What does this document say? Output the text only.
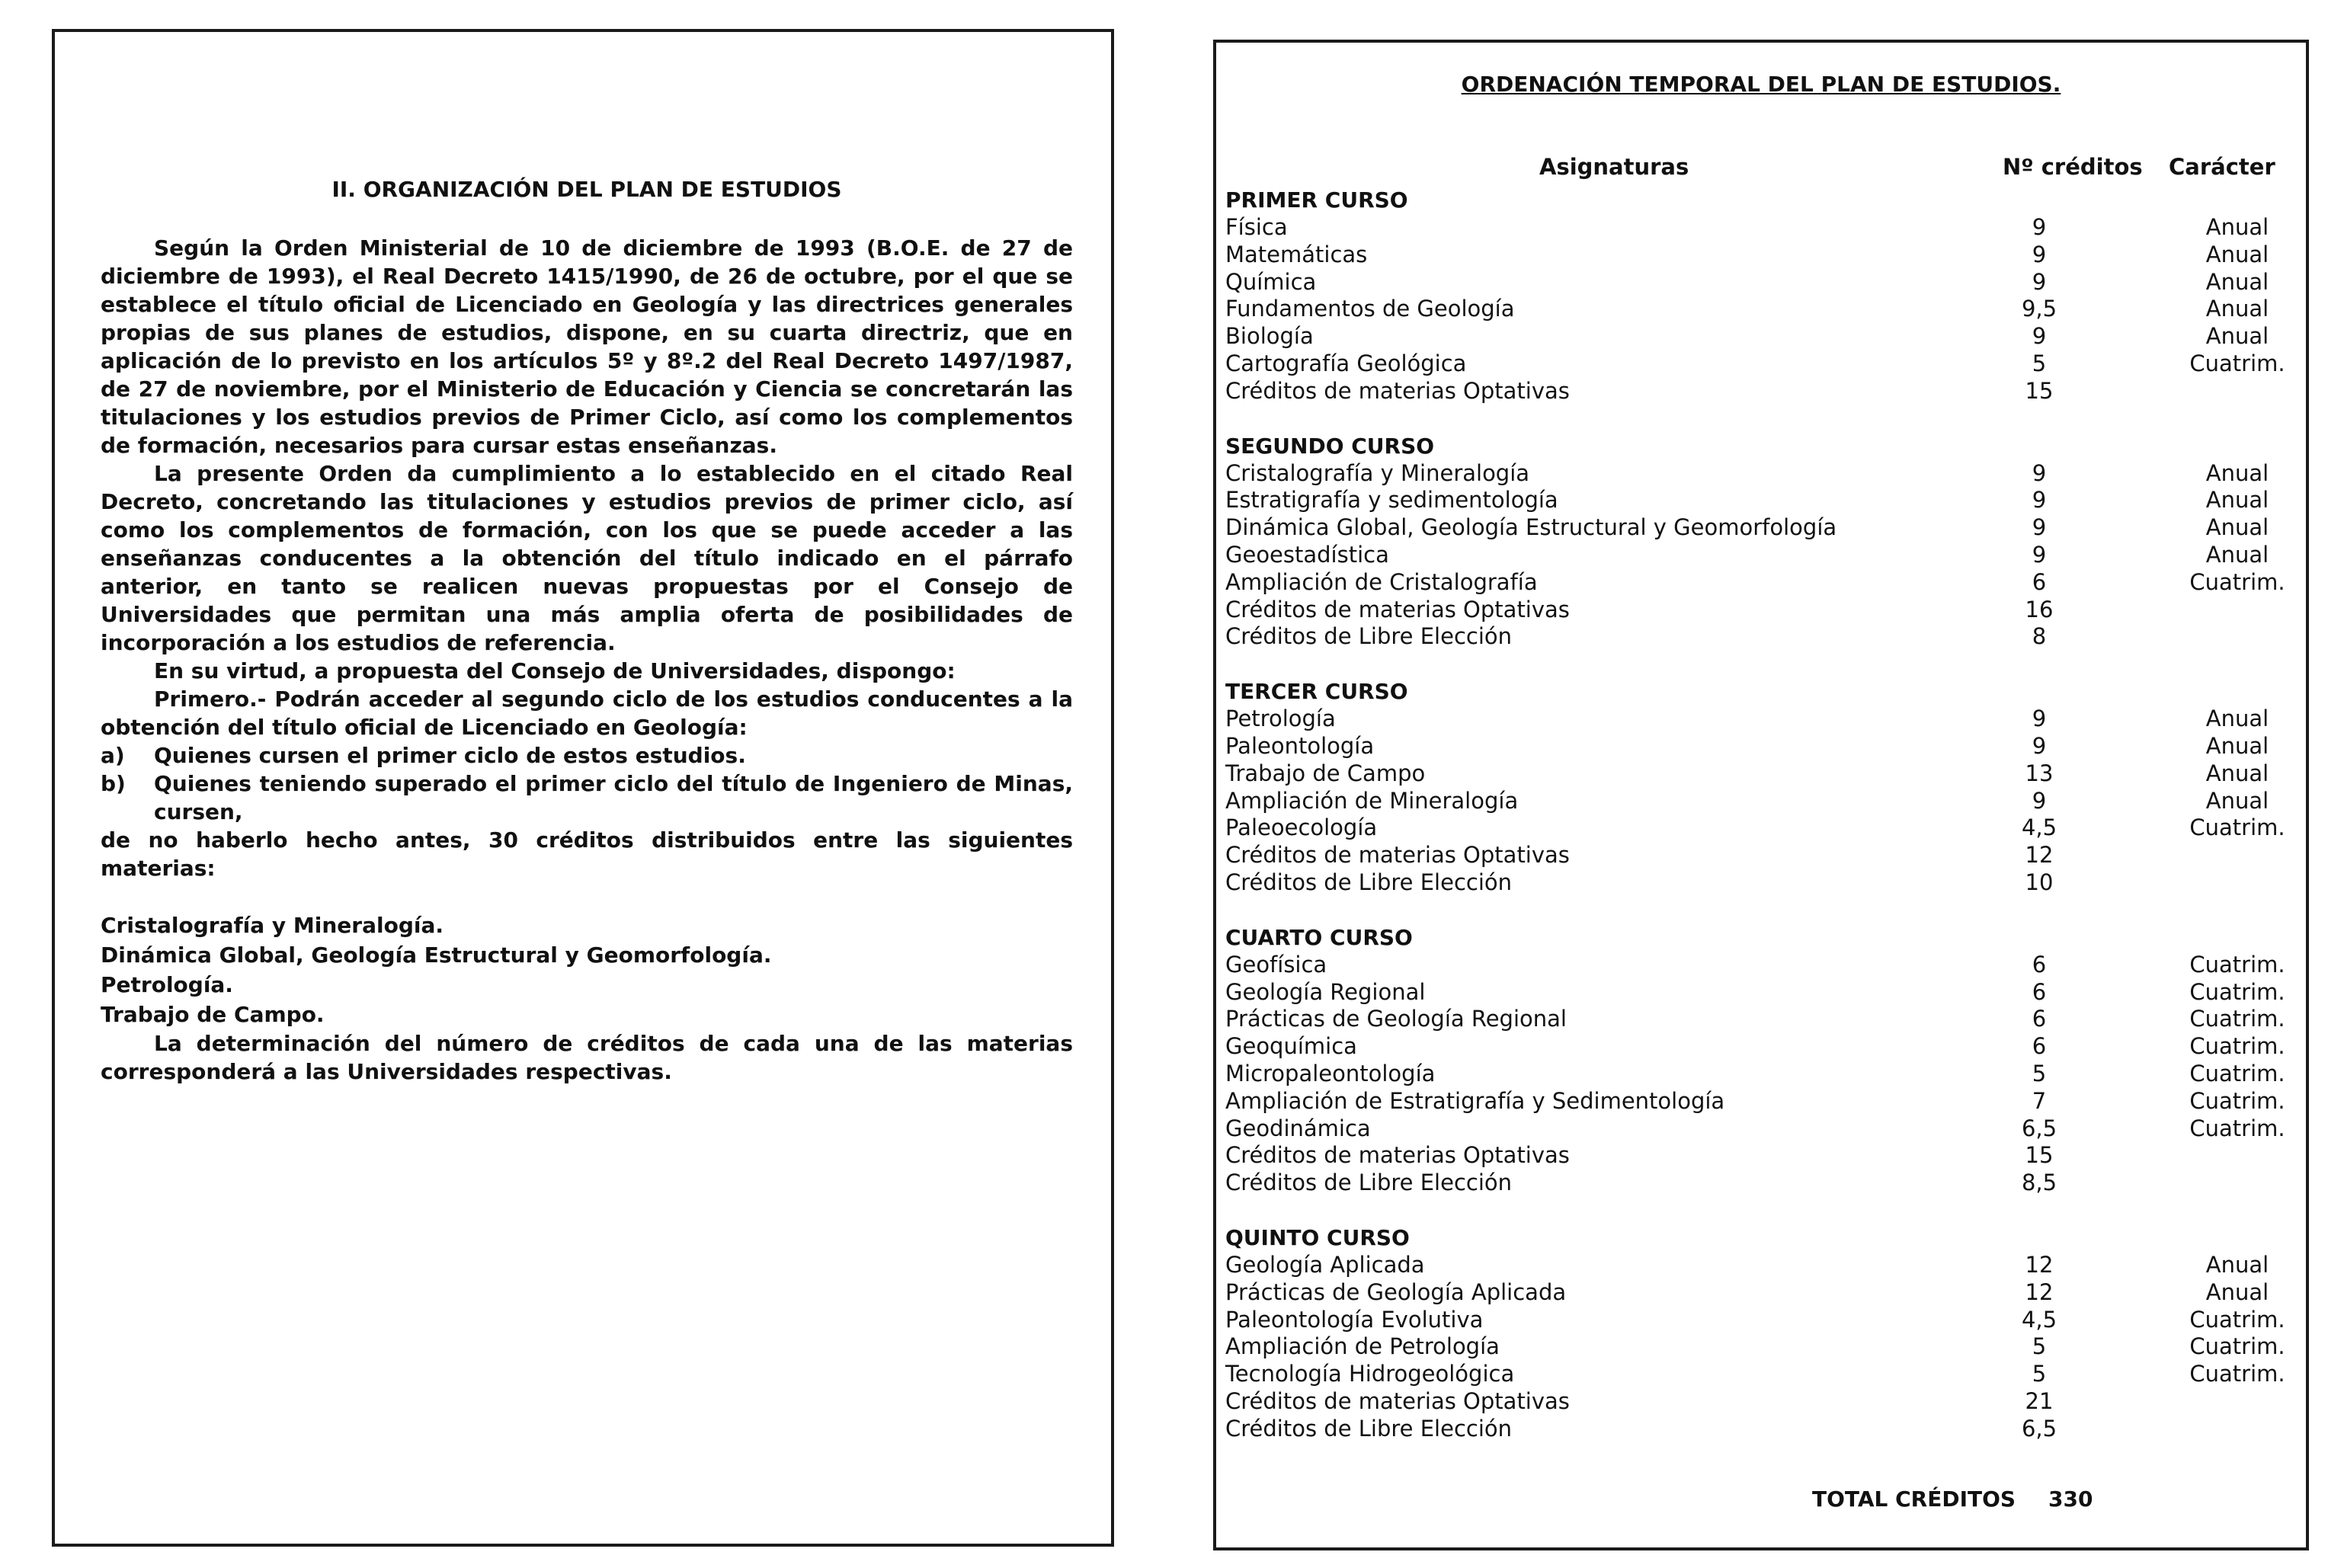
II. ORGANIZACIÓN DEL PLAN DE ESTUDIOS

Según la Orden Ministerial de 10 de diciembre de 1993 (B.O.E. de 27 de diciembre de 1993), el Real Decreto 1415/1990, de 26 de octubre, por el que se establece el título oficial de Licenciado en Geología y las directrices generales propias de sus planes de estudios, dispone, en su cuarta directriz, que en aplicación de lo previsto en los artículos 5º y 8º.2 del Real Decreto 1497/1987, de 27 de noviembre, por el Ministerio de Educación y Ciencia se concretarán las titulaciones y los estudios previos de Primer Ciclo, así como los complementos de formación, necesarios para cursar estas enseñanzas.

La presente Orden da cumplimiento a lo establecido en el citado Real Decreto, concretando las titulaciones y estudios previos de primer ciclo, así como los complementos de formación, con los que se puede acceder a las enseñanzas conducentes a la obtención del título indicado en el párrafo anterior, en tanto se realicen nuevas propuestas por el Consejo de Universidades que permitan una más amplia oferta de posibilidades de incorporación a los estudios de referencia.

En su virtud, a propuesta del Consejo de Universidades, dispongo:

Primero.- Podrán acceder al segundo ciclo de los estudios conducentes a la obtención del título oficial de Licenciado en Geología:

a)	Quienes cursen el primer ciclo de estos estudios.
b)	Quienes teniendo superado el primer ciclo del título de Ingeniero de Minas, cursen,

de no haberlo hecho antes, 30 créditos distribuidos entre las siguientes materias:

Cristalografía y Mineralogía.
Dinámica Global, Geología Estructural y Geomorfología.
Petrología.
Trabajo de Campo.

La determinación del número de créditos de cada una de las materias corresponderá a las Universidades respectivas.

ORDENACIÓN TEMPORAL DEL PLAN DE ESTUDIOS.
Asignaturas	Nº créditos Carácter
PRIMER CURSO
Física	9	Anual
Matemáticas	9	Anual
Química	9	Anual
Fundamentos de Geología	9,5	Anual
Biología	9	Anual
Cartografía Geológica	5	Cuatrim.
Créditos de materias Optativas	15
SEGUNDO CURSO
Cristalografía y Mineralogía	9	Anual
Estratigrafía y sedimentología	9	Anual
Dinámica Global, Geología Estructural y Geomorfología	9	Anual
Geoestadística	9	Anual
Ampliación de Cristalografía	6	Cuatrim.
Créditos de materias Optativas	16
Créditos de Libre Elección	8
TERCER CURSO
Petrología	9	Anual
Paleontología	9	Anual
Trabajo de Campo	13	Anual
Ampliación de Mineralogía	9	Anual
Paleoecología	4,5	Cuatrim.
Créditos de materias Optativas	12
Créditos de Libre Elección	10
CUARTO CURSO
Geofísica	6	Cuatrim.
Geología Regional	6	Cuatrim.
Prácticas de Geología Regional	6	Cuatrim.
Geoquímica	6	Cuatrim.
Micropaleontología	5	Cuatrim.
Ampliación de Estratigrafía y Sedimentología	7	Cuatrim.
Geodinámica	6,5	Cuatrim.
Créditos de materias Optativas	15
Créditos de Libre Elección	8,5
QUINTO CURSO
Geología Aplicada	12	Anual
Prácticas de Geología Aplicada	12	Anual
Paleontología Evolutiva	4,5	Cuatrim.
Ampliación de Petrología	5	Cuatrim.
Tecnología Hidrogeológica	5	Cuatrim.
Créditos de materias Optativas	21
Créditos de Libre Elección	6,5
TOTAL CRÉDITOS 330
